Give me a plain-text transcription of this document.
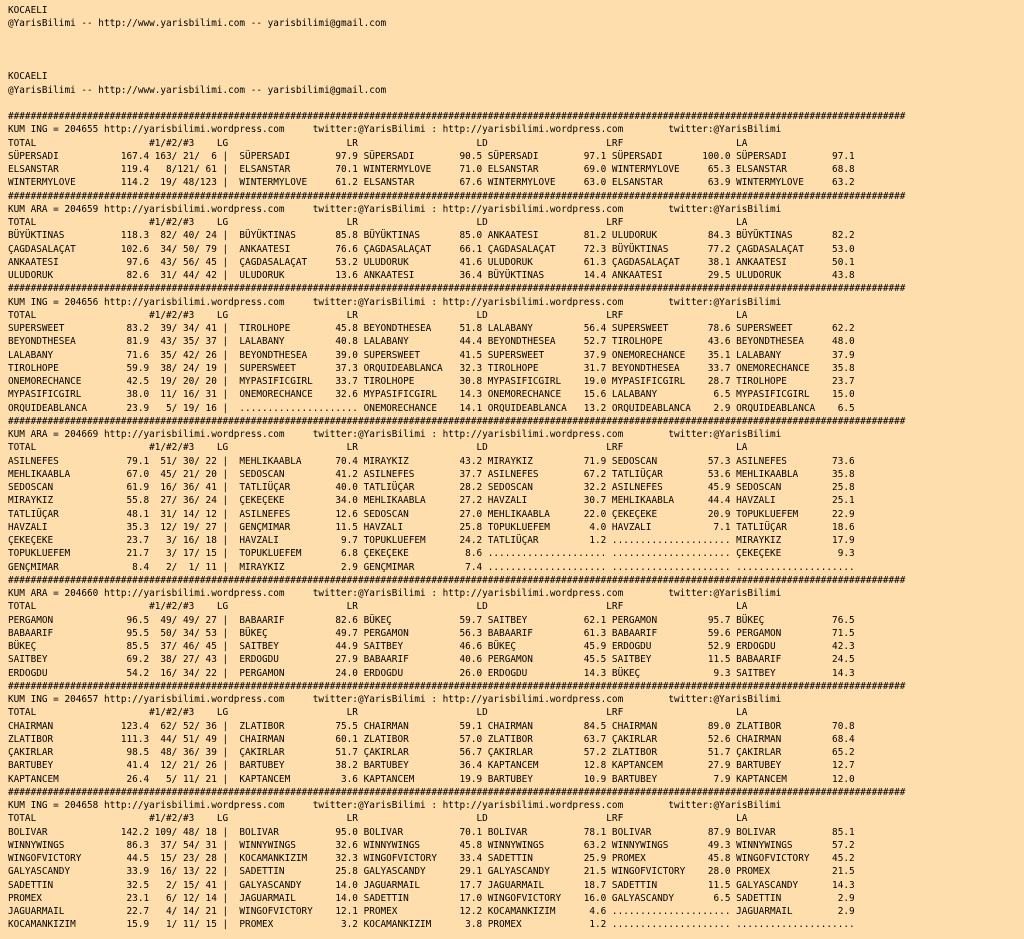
KOCAELI
@YarisBilimi -- http://www.yarisbilimi.com -- yarisbilimi@gmail.com
KOCAELI
@YarisBilimi -- http://www.yarisbilimi.com -- yarisbilimi@gmail.com
###############################################################################################################################################################
KUM ING = 204655 http://yarisbilimi.wordpress.com     twitter:@YarisBilimi : http://yarisbilimi.wordpress.com        twitter:@YarisBilimi
TOTAL                    #1/#2/#3    LG                     LR                     LD                     LRF                    LA
SÜPERSADI           167.4 163/ 21/  6 |  SÜPERSADI        97.9 SÜPERSADI        90.5 SÜPERSADI        97.1 SÜPERSADI       100.0 SÜPERSADI        97.1
ELSANSTAR           119.4   8/121/ 61 |  ELSANSTAR        70.1 WINTERMYLOVE     71.0 ELSANSTAR        69.0 WINTERMYLOVE     65.3 ELSANSTAR        68.8
WINTERMYLOVE        114.2  19/ 48/123 |  WINTERMYLOVE     61.2 ELSANSTAR        67.6 WINTERMYLOVE     63.0 ELSANSTAR        63.9 WINTERMYLOVE     63.2
###############################################################################################################################################################
KUM ARA = 204659 http://yarisbilimi.wordpress.com     twitter:@YarisBilimi : http://yarisbilimi.wordpress.com        twitter:@YarisBilimi
TOTAL                    #1/#2/#3    LG                     LR                     LD                     LRF                    LA
BÜYÜKTINAS          118.3  82/ 40/ 24 |  BÜYÜKTINAS       85.8 BÜYÜKTINAS       85.0 ANKAATESI        81.2 ULUDORUK         84.3 BÜYÜKTINAS       82.2
ÇAGDASALAÇAT        102.6  34/ 50/ 79 |  ANKAATESI        76.6 ÇAGDASALAÇAT     66.1 ÇAGDASALAÇAT     72.3 BÜYÜKTINAS       77.2 ÇAGDASALAÇAT     53.0
ANKAATESI            97.6  43/ 56/ 45 |  ÇAGDASALAÇAT     53.2 ULUDORUK         41.6 ULUDORUK         61.3 ÇAGDASALAÇAT     38.1 ANKAATESI        50.1
ULUDORUK             82.6  31/ 44/ 42 |  ULUDORUK         13.6 ANKAATESI        36.4 BÜYÜKTINAS       14.4 ANKAATESI        29.5 ULUDORUK         43.8
###############################################################################################################################################################
KUM ING = 204656 http://yarisbilimi.wordpress.com     twitter:@YarisBilimi : http://yarisbilimi.wordpress.com        twitter:@YarisBilimi
TOTAL                    #1/#2/#3    LG                     LR                     LD                     LRF                    LA
SUPERSWEET           83.2  39/ 34/ 41 |  TIROLHOPE        45.8 BEYONDTHESEA     51.8 LALABANY         56.4 SUPERSWEET       78.6 SUPERSWEET       62.2
BEYONDTHESEA         81.9  43/ 35/ 37 |  LALABANY         40.8 LALABANY         44.4 BEYONDTHESEA     52.7 TIROLHOPE        43.6 BEYONDTHESEA     48.0
LALABANY             71.6  35/ 42/ 26 |  BEYONDTHESEA     39.0 SUPERSWEET       41.5 SUPERSWEET       37.9 ONEMORECHANCE    35.1 LALABANY         37.9
TIROLHOPE            59.9  38/ 24/ 19 |  SUPERSWEET       37.3 ORQUIDEABLANCA   32.3 TIROLHOPE        31.7 BEYONDTHESEA     33.7 ONEMORECHANCE    35.8
ONEMORECHANCE        42.5  19/ 20/ 20 |  MYPASIFICGIRL    33.7 TIROLHOPE        30.8 MYPASIFICGIRL    19.0 MYPASIFICGIRL    28.7 TIROLHOPE        23.7
MYPASIFICGIRL        38.0  11/ 16/ 31 |  ONEMORECHANCE    32.6 MYPASIFICGIRL    14.3 ONEMORECHANCE    15.6 LALABANY          6.5 MYPASIFICGIRL    15.0
ORQUIDEABLANCA       23.9   5/ 19/ 16 |  ..................... ONEMORECHANCE    14.1 ORQUIDEABLANCA   13.2 ORQUIDEABLANCA    2.9 ORQUIDEABLANCA    6.5
###############################################################################################################################################################
KUM ARA = 204669 http://yarisbilimi.wordpress.com     twitter:@YarisBilimi : http://yarisbilimi.wordpress.com        twitter:@YarisBilimi
TOTAL                    #1/#2/#3    LG                     LR                     LD                     LRF                    LA
ASILNEFES            79.1  51/ 30/ 22 |  MEHLIKAABLA      70.4 MIRAYKIZ         43.2 MIRAYKIZ         71.9 SEDOSCAN         57.3 ASILNEFES        73.6
MEHLIKAABLA          67.0  45/ 21/ 20 |  SEDOSCAN         41.2 ASILNEFES        37.7 ASILNEFES        67.2 TATLIÜÇAR        53.6 MEHLIKAABLA      35.8
SEDOSCAN             61.9  16/ 36/ 41 |  TATLIÜÇAR        40.0 TATLIÜÇAR        28.2 SEDOSCAN         32.2 ASILNEFES        45.9 SEDOSCAN         25.8
MIRAYKIZ             55.8  27/ 36/ 24 |  ÇEKEÇEKE         34.0 MEHLIKAABLA      27.2 HAVZALI          30.7 MEHLIKAABLA      44.4 HAVZALI          25.1
TATLIÜÇAR            48.1  31/ 14/ 12 |  ASILNEFES        12.6 SEDOSCAN         27.0 MEHLIKAABLA      22.0 ÇEKEÇEKE         20.9 TOPUKLUEFEM      22.9
HAVZALI              35.3  12/ 19/ 27 |  GENÇMIMAR        11.5 HAVZALI          25.8 TOPUKLUEFEM       4.0 HAVZALI           7.1 TATLIÜÇAR        18.6
ÇEKEÇEKE             23.7   3/ 16/ 18 |  HAVZALI           9.7 TOPUKLUEFEM      24.2 TATLIÜÇAR         1.2 ..................... MIRAYKIZ         17.9
TOPUKLUEFEM          21.7   3/ 17/ 15 |  TOPUKLUEFEM       6.8 ÇEKEÇEKE          8.6 ..................... ..................... ÇEKEÇEKE          9.3
GENÇMIMAR             8.4   2/  1/ 11 |  MIRAYKIZ          2.9 GENÇMIMAR         7.4 ..................... ..................... .....................
###############################################################################################################################################################
KUM ARA = 204660 http://yarisbilimi.wordpress.com     twitter:@YarisBilimi : http://yarisbilimi.wordpress.com        twitter:@YarisBilimi
TOTAL                    #1/#2/#3    LG                     LR                     LD                     LRF                    LA
PERGAMON             96.5  49/ 49/ 27 |  BABAARIF         82.6 BÜKEÇ            59.7 SAITBEY          62.1 PERGAMON         95.7 BÜKEÇ            76.5
BABAARIF             95.5  50/ 34/ 53 |  BÜKEÇ            49.7 PERGAMON         56.3 BABAARIF         61.3 BABAARIF         59.6 PERGAMON         71.5
BÜKEÇ                85.5  37/ 46/ 45 |  SAITBEY          44.9 SAITBEY          46.6 BÜKEÇ            45.9 ERDOGDU          52.9 ERDOGDU          42.3
SAITBEY              69.2  38/ 27/ 43 |  ERDOGDU          27.9 BABAARIF         40.6 PERGAMON         45.5 SAITBEY          11.5 BABAARIF         24.5
ERDOGDU              54.2  16/ 34/ 22 |  PERGAMON         24.0 ERDOGDU          26.0 ERDOGDU          14.3 BÜKEÇ             9.3 SAITBEY          14.3
###############################################################################################################################################################
KUM ING = 204657 http://yarisbilimi.wordpress.com     twitter:@YarisBilimi : http://yarisbilimi.wordpress.com        twitter:@YarisBilimi
TOTAL                    #1/#2/#3    LG                     LR                     LD                     LRF                    LA
CHAIRMAN            123.4  62/ 52/ 36 |  ZLATIBOR         75.5 CHAIRMAN         59.1 CHAIRMAN         84.5 CHAIRMAN         89.0 ZLATIBOR         70.8
ZLATIBOR            111.3  44/ 51/ 49 |  CHAIRMAN         60.1 ZLATIBOR         57.0 ZLATIBOR         63.7 ÇAKIRLAR         52.6 CHAIRMAN         68.4
ÇAKIRLAR             98.5  48/ 36/ 39 |  ÇAKIRLAR         51.7 ÇAKIRLAR         56.7 ÇAKIRLAR         57.2 ZLATIBOR         51.7 ÇAKIRLAR         65.2
BARTUBEY             41.4  12/ 21/ 26 |  BARTUBEY         38.2 BARTUBEY         36.4 KAPTANCEM        12.8 KAPTANCEM        27.9 BARTUBEY         12.7
KAPTANCEM            26.4   5/ 11/ 21 |  KAPTANCEM         3.6 KAPTANCEM        19.9 BARTUBEY         10.9 BARTUBEY          7.9 KAPTANCEM        12.0
###############################################################################################################################################################
KUM ING = 204658 http://yarisbilimi.wordpress.com     twitter:@YarisBilimi : http://yarisbilimi.wordpress.com        twitter:@YarisBilimi
TOTAL                    #1/#2/#3    LG                     LR                     LD                     LRF                    LA
BOLIVAR             142.2 109/ 48/ 18 |  BOLIVAR          95.0 BOLIVAR          70.1 BOLIVAR          78.1 BOLIVAR          87.9 BOLIVAR          85.1
WINNYWINGS           86.3  37/ 54/ 31 |  WINNYWINGS       32.6 WINNYWINGS       45.8 WINNYWINGS       63.2 WINNYWINGS       49.3 WINNYWINGS       57.2
WINGOFVICTORY        44.5  15/ 23/ 28 |  KOCAMANKIZIM     32.3 WINGOFVICTORY    33.4 SADETTIN         25.9 PROMEX           45.8 WINGOFVICTORY    45.2
GALYASCANDY          33.9  16/ 13/ 22 |  SADETTIN         25.8 GALYASCANDY      29.1 GALYASCANDY      21.5 WINGOFVICTORY    28.0 PROMEX           21.5
SADETTIN             32.5   2/ 15/ 41 |  GALYASCANDY      14.0 JAGUARMAIL       17.7 JAGUARMAIL       18.7 SADETTIN         11.5 GALYASCANDY      14.3
PROMEX               23.1   6/ 12/ 14 |  JAGUARMAIL       14.0 SADETTIN         17.0 WINGOFVICTORY    16.0 GALYASCANDY       6.5 SADETTIN          2.9
JAGUARMAIL           22.7   4/ 14/ 21 |  WINGOFVICTORY    12.1 PROMEX           12.2 KOCAMANKIZIM      4.6 ..................... JAGUARMAIL        2.9
KOCAMANKIZIM         15.9   1/ 11/ 15 |  PROMEX            3.2 KOCAMANKIZIM      3.8 PROMEX            1.2 ..................... .....................
